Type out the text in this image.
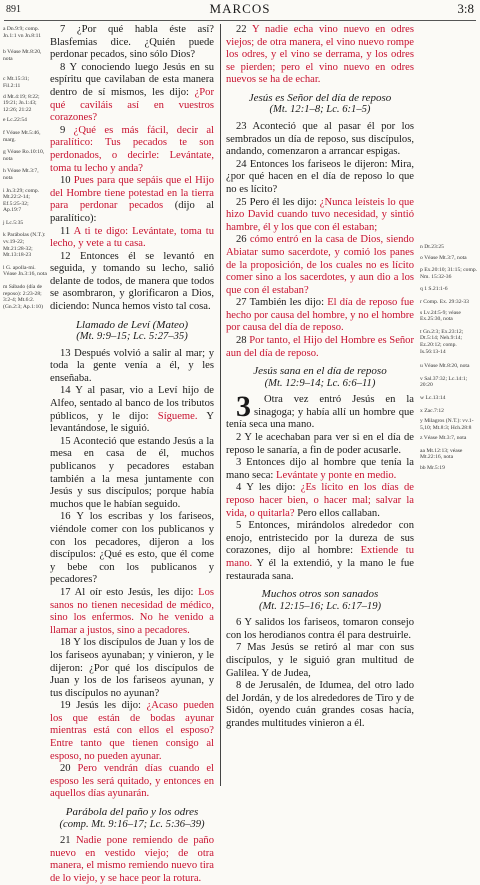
891	MARCOS	3:8
a Dn.9:9; comp. Jn.1:1 vn Jn.8:11
b Véase Mt.8:20, nota
c Mt.15:31; Fil.2:11
d Mt.4:19; 8:22; 19:21; Jn.1:43; 12:26; 21:22
e Lc.22:54
f Véase Mt.5:46, marg.
g Véase Ro.10:10, nota
h Véase Mt.3:7, nota
i Jn.3:29; comp. Mt.22:2-14; Ef.5:25-32; Ap.19:7
j Lc.5:35
k Parábolas (N.T.): vv.19-22; Mt.21:28-32; Mt.13:18-23
l G. apolla-mi. Véase Jn.3:16, nota
m Sábado (día de reposo): 2:23-28; 3:2-4; Mt.6:2. (Gn.2:3; Ap.1:10)

7 ¿Por qué habla éste así? Blasfemias dice. ¿Quién puede perdonar pecados, sino sólo Dios?

8 Y conociendo luego Jesús en su espíritu que cavilaban de esta manera dentro de sí mismos, les dijo: ¿Por qué caviláis así en vuestros corazones?

9 ¿Qué es más fácil, decir al paralítico: Tus pecados te son perdonados, o decirle: Levántate, toma tu lecho y anda?

10 Pues para que sepáis que el Hijo del Hombre tiene potestad en la tierra para perdonar pecados (dijo al paralítico):

11 A ti te digo: Levántate, toma tu lecho, y vete a tu casa.

12 Entonces él se levantó en seguida, y tomando su lecho, salió delante de todos, de manera que todos se asombraron, y glorificaron a Dios, diciendo: Nunca hemos visto tal cosa.

Llamado de Leví (Mateo)
(Mt. 9:9–15; Lc. 5:27–35)

13 Después volvió a salir al mar; y toda la gente venía a él, y les enseñaba.

14 Y al pasar, vio a Leví hijo de Alfeo, sentado al banco de los tributos públicos, y le dijo: Sígueme. Y levantándose, le siguió.

15 Aconteció que estando Jesús a la mesa en casa de él, muchos publicanos y pecadores estaban también a la mesa juntamente con Jesús y sus discípulos; porque había muchos que le habían seguido.

16 Y los escribas y los fariseos, viéndole comer con los publicanos y con los pecadores, dijeron a los discípulos: ¿Qué es esto, que él come y bebe con los publicanos y pecadores?

17 Al oír esto Jesús, les dijo: Los sanos no tienen necesidad de médico, sino los enfermos. No he venido a llamar a justos, sino a pecadores.

18 Y los discípulos de Juan y los de los fariseos ayunaban; y vinieron, y le dijeron: ¿Por qué los discípulos de Juan y los de los fariseos ayunan, y tus discípulos no ayunan?

19 Jesús les dijo: ¿Acaso pueden los que están de bodas ayunar mientras está con ellos el esposo? Entre tanto que tienen consigo al esposo, no pueden ayunar.

20 Pero vendrán días cuando el esposo les será quitado, y entonces en aquellos días ayunarán.

Parábola del paño y los odres
(comp. Mt. 9:16–17; Lc. 5:36–39)

21 Nadie pone remiendo de paño nuevo en vestido viejo; de otra manera, el mismo remiendo nuevo tira de lo viejo, y se hace peor la rotura.

22 Y nadie echa vino nuevo en odres viejos; de otra manera, el vino nuevo rompe los odres, y el vino se derrama, y los odres se pierden; pero el vino nuevo en odres nuevos se ha de echar.

Jesús es Señor del día de reposo
(Mt. 12:1–8; Lc. 6:1–5)

23 Aconteció que al pasar él por los sembrados un día de reposo, sus discípulos, andando, comenzaron a arrancar espigas.

24 Entonces los fariseos le dijeron: Mira, ¿por qué hacen en el día de reposo lo que no es lícito?

25 Pero él les dijo: ¿Nunca leísteis lo que hizo David cuando tuvo necesidad, y sintió hambre, él y los que con él estaban;

26 cómo entró en la casa de Dios, siendo Abiatar sumo sacerdote, y comió los panes de la proposición, de los cuales no es lícito comer sino a los sacerdotes, y aun dio a los que con él estaban?

27 También les dijo: El día de reposo fue hecho por causa del hombre, y no el hombre por causa del día de reposo.

28 Por tanto, el Hijo del Hombre es Señor aun del día de reposo.

Jesús sana en el día de reposo
(Mt. 12:9–14; Lc. 6:6–11)

3 Otra vez entró Jesús en la sinagoga; y había allí un hombre que tenía seca una mano.

2 Y le acechaban para ver si en el día de reposo le sanaría, a fin de poder acusarle.

3 Entonces dijo al hombre que tenía la mano seca: Levántate y ponte en medio.

4 Y les dijo: ¿Es lícito en los días de reposo hacer bien, o hacer mal; salvar la vida, o quitarla? Pero ellos callaban.

5 Entonces, mirándolos alrededor con enojo, entristecido por la dureza de sus corazones, dijo al hombre: Extiende tu mano. Y él la extendió, y la mano le fue restaurada sana.

Muchos otros son sanados
(Mt. 12:15–16; Lc. 6:17–19)

6 Y salidos los fariseos, tomaron consejo con los herodianos contra él para destruirle.

7 Mas Jesús se retiró al mar con sus discípulos, y le siguió gran multitud de Galilea. Y de Judea,

8 de Jerusalén, de Idumea, del otro lado del Jordán, y de los alrededores de Tiro y de Sidón, oyendo cuán grandes cosas hacía, grandes multitudes vinieron a él.

n Dt.23:25
o Véase Mt.3:7, nota
p Ex.20:10; 31:15; comp. Nm. 15:32-36
q 1 S.21:1-6
r Comp. Ex. 29:32-33
s Lv.24:5-9; véase Ex.25:30, nota
t Gn.2:3; Ex.23:12; Dt.5:14; Neh.9:14; Ez.20:12; comp. Is.56:13-14
u Véase Mt.8:20, nota
v Sal.37:32; Lc.14:1; 20:20
w Lc.13:14
x Zac.7:12
y Milagros (N.T.): vv.1-5,10; Mt.8:3; Hch.28:8
z Véase Mt.3:7, nota
aa Mt.12:13; véase Mt.22:16, nota
bb Mr.5:19
